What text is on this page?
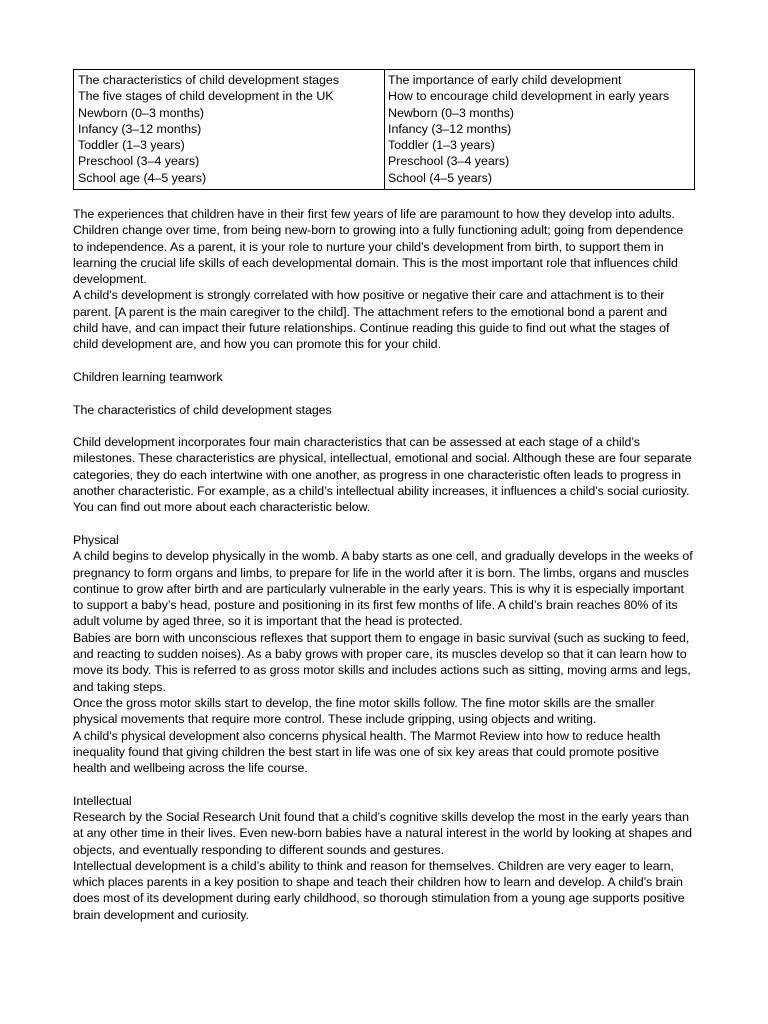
The characteristics of child development stages
The five stages of child development in the UK
Newborn (0–3 months)
Infancy (3–12 months)
Toddler (1–3 years)
Preschool (3–4 years)
School age (4–5 years)
The importance of early child development
How to encourage child development in early years
Newborn (0–3 months)
Infancy (3–12 months)
Toddler (1–3 years)
Preschool (3–4 years)
School (4–5 years)

The experiences that children have in their first few years of life are paramount to how they develop into adults. Children change over time, from being new-born to growing into a fully functioning adult; going from dependence to independence. As a parent, it is your role to nurture your child’s development from birth, to support them in learning the crucial life skills of each developmental domain. This is the most important role that influences child development.

A child’s development is strongly correlated with how positive or negative their care and attachment is to their parent. [A parent is the main caregiver to the child]. The attachment refers to the emotional bond a parent and child have, and can impact their future relationships. Continue reading this guide to find out what the stages of child development are, and how you can promote this for your child.

Children learning teamwork

The characteristics of child development stages

Child development incorporates four main characteristics that can be assessed at each stage of a child’s milestones. These characteristics are physical, intellectual, emotional and social. Although these are four separate categories, they do each intertwine with one another, as progress in one characteristic often leads to progress in another characteristic. For example, as a child’s intellectual ability increases, it influences a child’s social curiosity. You can find out more about each characteristic below.

Physical

A child begins to develop physically in the womb. A baby starts as one cell, and gradually develops in the weeks of pregnancy to form organs and limbs, to prepare for life in the world after it is born. The limbs, organs and muscles continue to grow after birth and are particularly vulnerable in the early years. This is why it is especially important to support a baby’s head, posture and positioning in its first few months of life. A child’s brain reaches 80% of its adult volume by aged three, so it is important that the head is protected.

Babies are born with unconscious reflexes that support them to engage in basic survival (such as sucking to feed, and reacting to sudden noises). As a baby grows with proper care, its muscles develop so that it can learn how to move its body. This is referred to as gross motor skills and includes actions such as sitting, moving arms and legs, and taking steps.

Once the gross motor skills start to develop, the fine motor skills follow. The fine motor skills are the smaller physical movements that require more control. These include gripping, using objects and writing.

A child’s physical development also concerns physical health. The Marmot Review into how to reduce health inequality found that giving children the best start in life was one of six key areas that could promote positive health and wellbeing across the life course.

Intellectual

Research by the Social Research Unit found that a child’s cognitive skills develop the most in the early years than at any other time in their lives. Even new-born babies have a natural interest in the world by looking at shapes and objects, and eventually responding to different sounds and gestures.

Intellectual development is a child’s ability to think and reason for themselves. Children are very eager to learn, which places parents in a key position to shape and teach their children how to learn and develop. A child’s brain does most of its development during early childhood, so thorough stimulation from a young age supports positive brain development and curiosity.
